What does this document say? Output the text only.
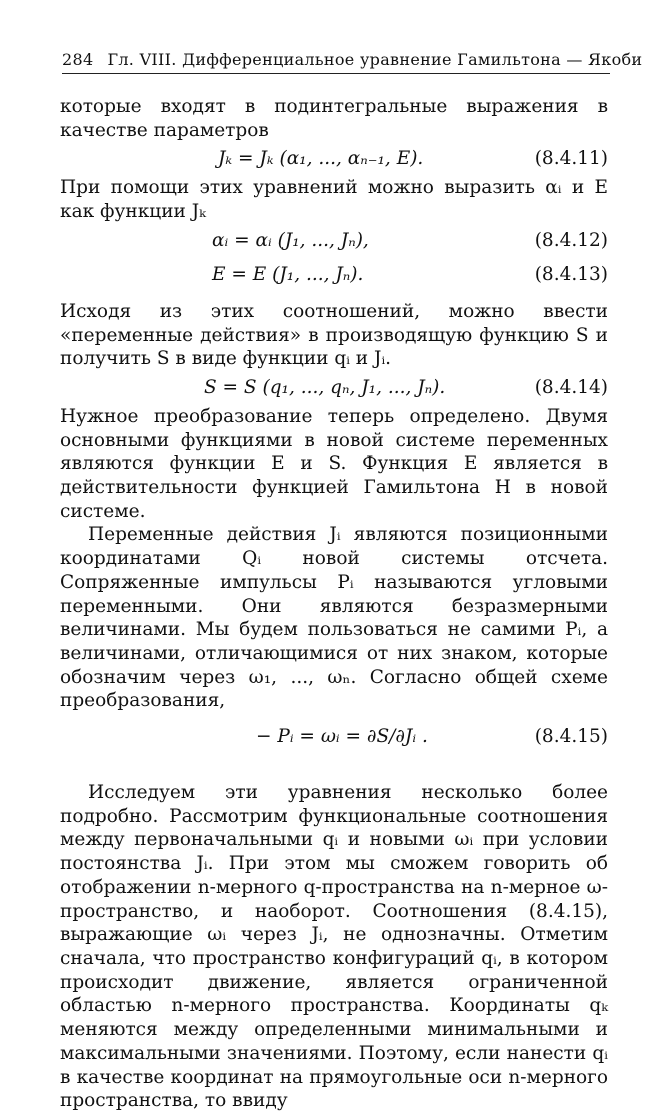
284 Гл. VIII. Дифференциальное уравнение Гамильтона — Якоби

которые входят в подинтегральные выражения в качестве параметров

Jₖ = Jₖ (α₁, ..., αₙ₋₁, E).	(8.4.11)

При помощи этих уравнений можно выразить αᵢ и E как функции Jₖ

αᵢ = αᵢ (J₁, ..., Jₙ),	(8.4.12)
E = E (J₁, ..., Jₙ).	(8.4.13)

Исходя из этих соотношений, можно ввести «переменные действия» в производящую функцию S и получить S в виде функции qᵢ и Jᵢ.

S = S (q₁, ..., qₙ, J₁, ..., Jₙ).	(8.4.14)

Нужное преобразование теперь определено. Двумя основными функциями в новой системе переменных являются функции E и S. Функция E является в действительности функцией Гамильтона H в новой системе.

Переменные действия Jᵢ являются позиционными координатами Qᵢ новой системы отсчета. Сопряженные импульсы Pᵢ называются угловыми переменными. Они являются безразмерными величинами. Мы будем пользоваться не самими Pᵢ, а величинами, отличающимися от них знаком, которые обозначим через ω₁, ..., ωₙ. Согласно общей схеме преобразования,

− Pᵢ = ωᵢ = ∂S/∂Jᵢ .	(8.4.15)

Исследуем эти уравнения несколько более подробно. Рассмотрим функциональные соотношения между первоначальными qᵢ и новыми ωᵢ при условии постоянства Jᵢ. При этом мы сможем говорить об отображении n-мерного q-пространства на n-мерное ω-пространство, и наоборот. Соотношения (8.4.15), выражающие ωᵢ через Jᵢ, не однозначны. Отметим сначала, что пространство конфигураций qᵢ, в котором происходит движение, является ограниченной областью n-мерного пространства. Координаты qₖ меняются между определенными минимальными и максимальными значениями. Поэтому, если нанести qᵢ в качестве координат на прямоугольные оси n-мерного пространства, то ввиду
